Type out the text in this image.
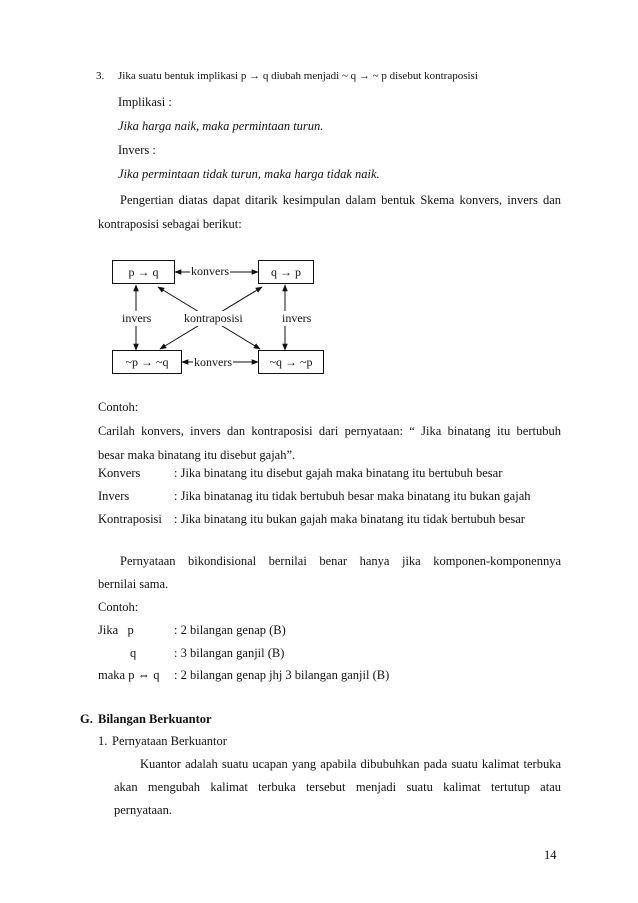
3. Jika suatu bentuk implikasi p → q diubah menjadi ~ q → ~ p disebut kontraposisi
Implikasi :
Jika harga naik, maka permintaan turun.
Invers :
Jika permintaan tidak turun, maka harga tidak naik.
Pengertian diatas dapat ditarik kesimpulan dalam bentuk Skema konvers, invers dan
kontraposisi sebagai berikut:
p → q	q → p
~p → ~q	~q → ~p
konvers
konvers
invers	invers
kontraposisi
Contoh:
Carilah konvers, invers dan kontraposisi dari pernyataan: “ Jika binatang itu bertubuh
besar maka binatang itu disebut gajah”.
Konvers	: Jika binatang itu disebut gajah maka binatang itu bertubuh besar
Invers	: Jika binatanag itu tidak bertubuh besar maka binatang itu bukan gajah
Kontraposisi : Jika binatang itu bukan gajah maka binatang itu tidak bertubuh besar
Pernyataan bikondisional bernilai benar hanya jika komponen-komponennya
bernilai sama.
Contoh:
Jika   p	: 2 bilangan genap (B)
q	: 3 bilangan ganjil (B)
maka p ⇔ q : 2 bilangan genap jhj 3 bilangan ganjil (B)
G. Bilangan Berkuantor
1. Pernyataan Berkuantor
Kuantor adalah suatu ucapan yang apabila dibubuhkan pada suatu kalimat terbuka
akan mengubah kalimat terbuka tersebut menjadi suatu kalimat tertutup atau
pernyataan.
14
